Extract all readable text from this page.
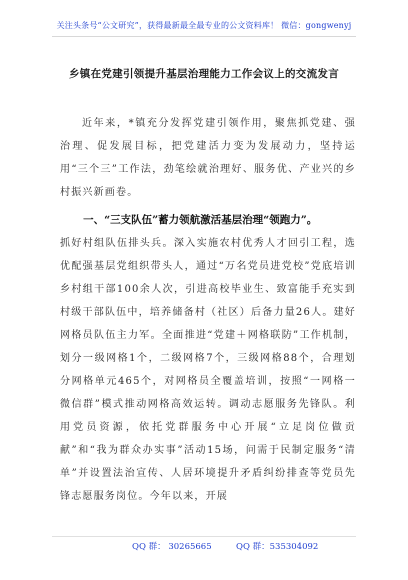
关注头条号“公文研究”，获得最新最全最专业的公文资料库！ 微信：gongwenyj
乡镇在党建引领提升基层治理能力工作会议上的交流发言

近年来，*镇充分发挥党建引领作用，聚焦抓党建、强治理、促发展目标，把党建活力变为发展动力，坚持运用“三个三”工作法，劲笔绘就治理好、服务优、产业兴的乡村振兴新画卷。

一、“三支队伍”蓄力领航激活基层治理“领跑力”。

抓好村组队伍排头兵。深入实施农村优秀人才回引工程，选优配强基层党组织带头人，通过“万名党员进党校”党底培训乡村组干部100余人次，引进高校毕业生、致富能手充实到村级干部队伍中，培养储备村（社区）后备力量26人。建好网格员队伍主力军。全面推进“党建＋网格联防”工作机制，划分一级网格1个，二级网格7个，三级网格88个，合理划分网格单元465个，对网格员全覆盖培训，按照“一网格一微信群”模式推动网格高效运转。调动志愿服务先锋队。利用党员资源，依托党群服务中心开展“立足岗位做贡献”和“我为群众办实事”活动15场，问需于民制定服务“清单”并设置法治宣传、人居环境提升矛盾纠纷排查等党员先锋志愿服务岗位。今年以来，开展

QQ 群： 30265665	QQ 群：535304092
